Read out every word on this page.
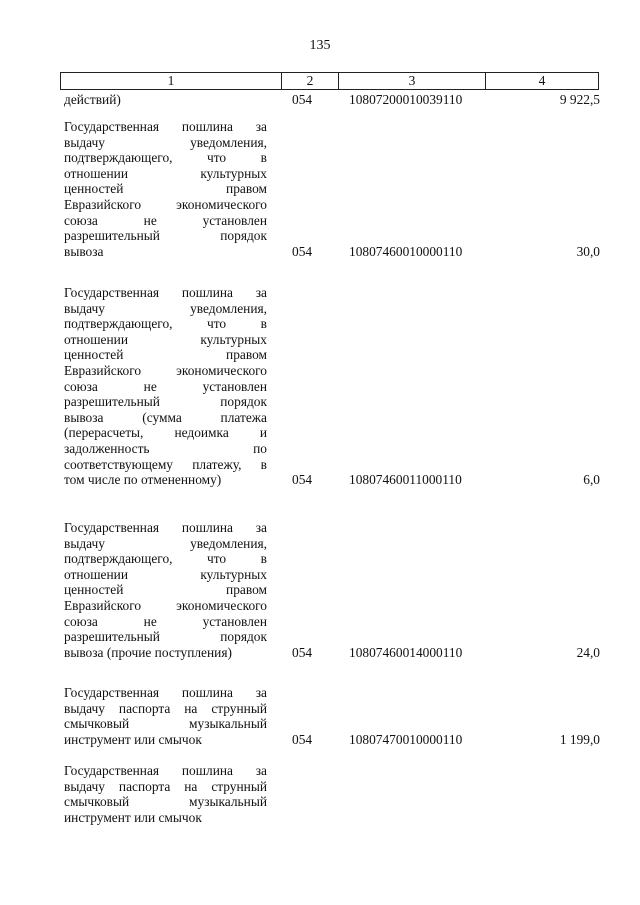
135
1	2	3	4
действий)	054	10807200010039110	9 922,5
Государственная пошлина за
выдачу уведомления,
подтверждающего, что в
отношении культурных
ценностей правом
Евразийского экономического
союза не установлен
разрешительный порядок
вывоза	054	10807460010000110	30,0
Государственная пошлина за
выдачу уведомления,
подтверждающего, что в
отношении культурных
ценностей правом
Евразийского экономического
союза не установлен
разрешительный порядок
вывоза (сумма платежа
(перерасчеты, недоимка и
задолженность по
соответствующему платежу, в
том числе по отмененному)	054	10807460011000110	6,0
Государственная пошлина за
выдачу уведомления,
подтверждающего, что в
отношении культурных
ценностей правом
Евразийского экономического
союза не установлен
разрешительный порядок
вывоза (прочие поступления)	054	10807460014000110	24,0
Государственная пошлина за
выдачу паспорта на струнный
смычковый музыкальный
инструмент или смычок	054	10807470010000110	1 199,0
Государственная пошлина за
выдачу паспорта на струнный
смычковый музыкальный
инструмент или смычок
